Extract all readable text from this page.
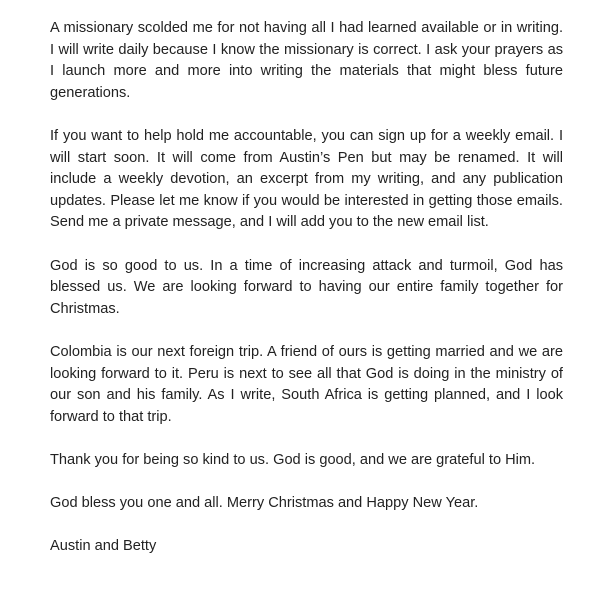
A missionary scolded me for not having all I had learned available or in writing. I will write daily because I know the missionary is correct. I ask your prayers as I launch more and more into writing the materials that might bless future generations.

If you want to help hold me accountable, you can sign up for a weekly email. I will start soon. It will come from Austin’s Pen but may be renamed. It will include a weekly devotion, an excerpt from my writing, and any publication updates. Please let me know if you would be interested in getting those emails. Send me a private message, and I will add you to the new email list.

God is so good to us. In a time of increasing attack and turmoil, God has blessed us. We are looking forward to having our entire family together for Christmas.

Colombia is our next foreign trip. A friend of ours is getting married and we are looking forward to it. Peru is next to see all that God is doing in the ministry of our son and his family. As I write, South Africa is getting planned, and I look forward to that trip.

Thank you for being so kind to us. God is good, and we are grateful to Him.

God bless you one and all. Merry Christmas and Happy New Year.

Austin and Betty
